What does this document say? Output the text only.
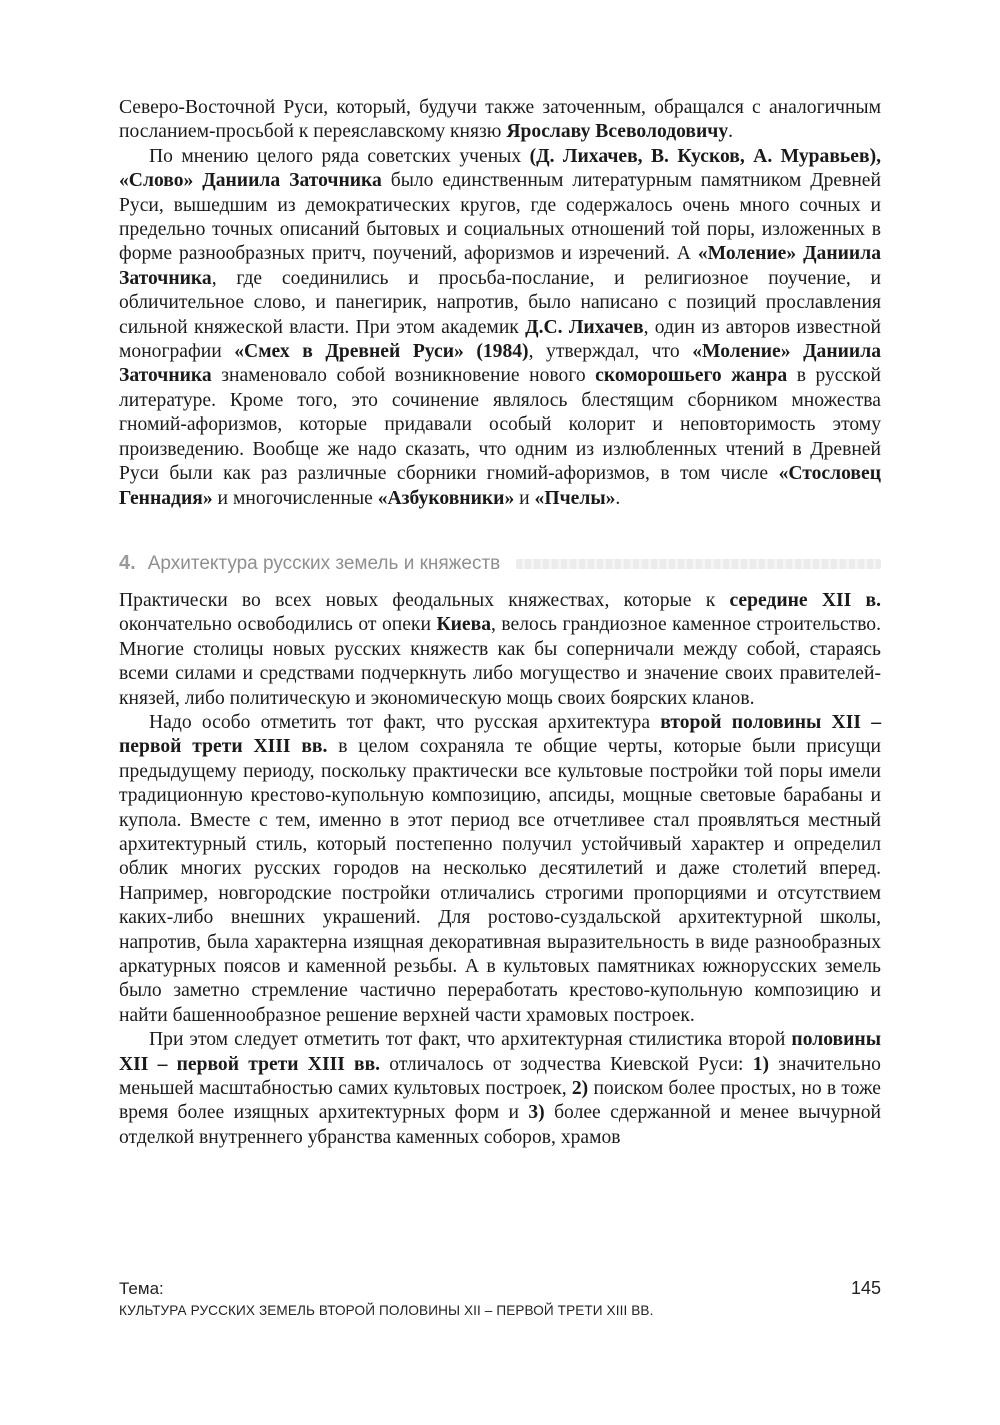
Северо-Восточной Руси, который, будучи также заточенным, обращался с аналогичным посланием-просьбой к переяславскому князю Ярославу Всеволодовичу.

По мнению целого ряда советских ученых (Д. Лихачев, В. Кусков, А. Муравьев), «Слово» Даниила Заточника было единственным литературным памятником Древней Руси, вышедшим из демократических кругов, где содержалось очень много сочных и предельно точных описаний бытовых и социальных отношений той поры, изложенных в форме разнообразных притч, поучений, афоризмов и изречений. А «Моление» Даниила Заточника, где соединились и просьба-послание, и религиозное поучение, и обличительное слово, и панегирик, напротив, было написано с позиций прославления сильной княжеской власти. При этом академик Д.С. Лихачев, один из авторов известной монографии «Смех в Древней Руси» (1984), утверждал, что «Моление» Даниила Заточника знаменовало собой возникновение нового скоморошьего жанра в русской литературе. Кроме того, это сочинение являлось блестящим сборником множества гномий-афоризмов, которые придавали особый колорит и неповторимость этому произведению. Вообще же надо сказать, что одним из излюбленных чтений в Древней Руси были как раз различные сборники гномий-афоризмов, в том числе «Стословец Геннадия» и многочисленные «Азбуковники» и «Пчелы».

4. Архитектура русских земель и княжеств

Практически во всех новых феодальных княжествах, которые к середине XII в. окончательно освободились от опеки Киева, велось грандиозное каменное строительство. Многие столицы новых русских княжеств как бы соперничали между собой, стараясь всеми силами и средствами подчеркнуть либо могущество и значение своих правителей-князей, либо политическую и экономическую мощь своих боярских кланов.

Надо особо отметить тот факт, что русская архитектура второй половины XII – первой трети XIII вв. в целом сохраняла те общие черты, которые были присущи предыдущему периоду, поскольку практически все культовые постройки той поры имели традиционную крестово-купольную композицию, апсиды, мощные световые барабаны и купола. Вместе с тем, именно в этот период все отчетливее стал проявляться местный архитектурный стиль, который постепенно получил устойчивый характер и определил облик многих русских городов на несколько десятилетий и даже столетий вперед. Например, новгородские постройки отличались строгими пропорциями и отсутствием каких-либо внешних украшений. Для ростово-суздальской архитектурной школы, напротив, была характерна изящная декоративная выразительность в виде разнообразных аркатурных поясов и каменной резьбы. А в культовых памятниках южнорусских земель было заметно стремление частично переработать крестово-купольную композицию и найти башеннообразное решение верхней части храмовых построек.

При этом следует отметить тот факт, что архитектурная стилистика второй половины XII – первой трети XIII вв. отличалось от зодчества Киевской Руси: 1) значительно меньшей масштабностью самих культовых построек, 2) поиском более простых, но в тоже время более изящных архитектурных форм и 3) более сдержанной и менее вычурной отделкой внутреннего убранства каменных соборов, храмов

Тема:	145
КУЛЬТУРА РУССКИХ ЗЕМЕЛЬ ВТОРОЙ ПОЛОВИНЫ XII – ПЕРВОЙ ТРЕТИ XIII ВВ.
